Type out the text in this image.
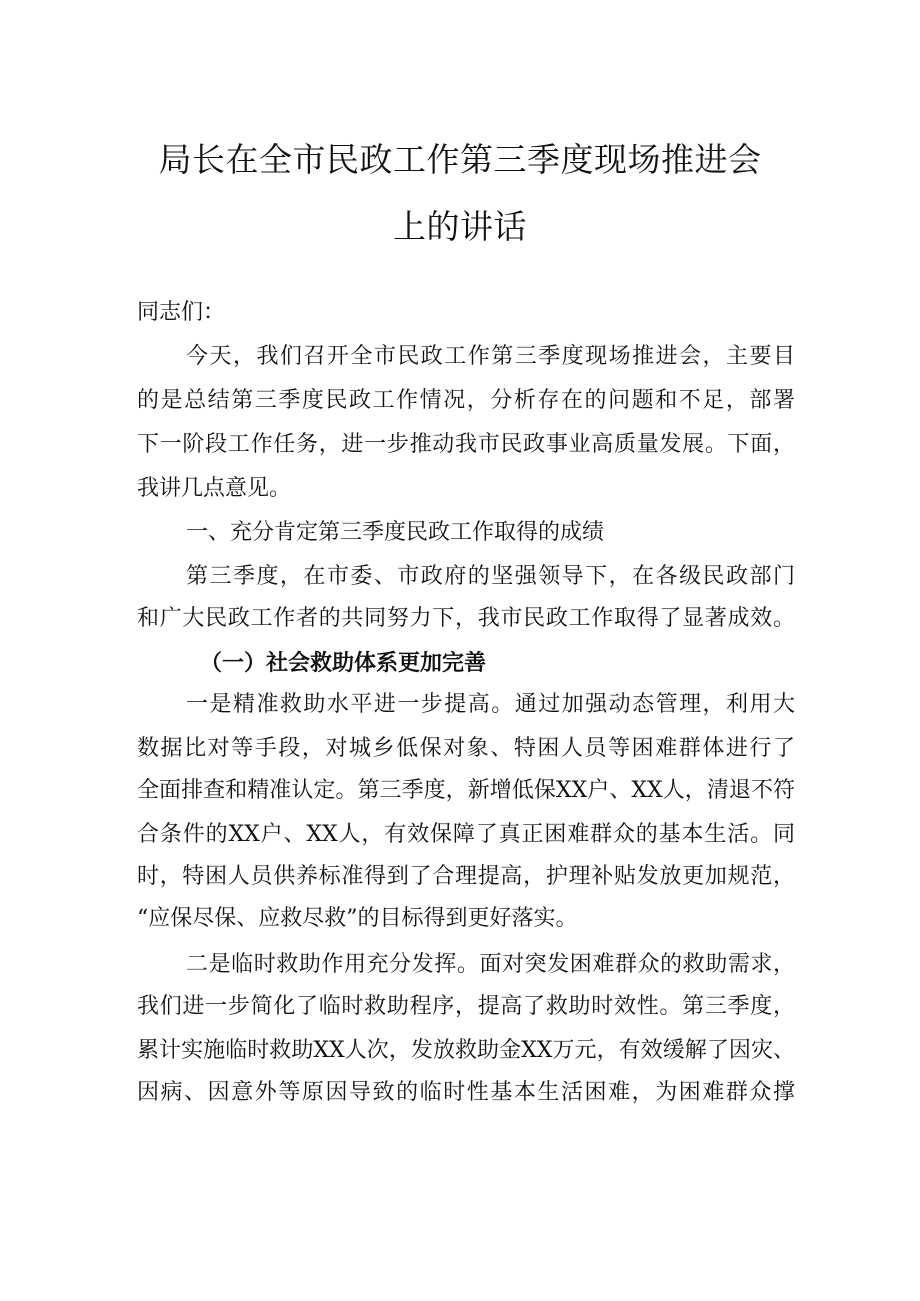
局长在全市民政工作第三季度现场推进会
上的讲话
同志们：
今天，我们召开全市民政工作第三季度现场推进会，主要目
的是总结第三季度民政工作情况，分析存在的问题和不足，部署
下一阶段工作任务，进一步推动我市民政事业高质量发展。下面，
我讲几点意见。
一、充分肯定第三季度民政工作取得的成绩
第三季度，在市委、市政府的坚强领导下，在各级民政部门
和广大民政工作者的共同努力下，我市民政工作取得了显著成效。
（一）社会救助体系更加完善
一是精准救助水平进一步提高。通过加强动态管理，利用大
数据比对等手段，对城乡低保对象、特困人员等困难群体进行了
全面排查和精准认定。第三季度，新增低保XX户、XX人，清退不符
合条件的XX户、XX人，有效保障了真正困难群众的基本生活。同
时，特困人员供养标准得到了合理提高，护理补贴发放更加规范，
“应保尽保、应救尽救”的目标得到更好落实。
二是临时救助作用充分发挥。面对突发困难群众的救助需求，
我们进一步简化了临时救助程序，提高了救助时效性。第三季度，
累计实施临时救助XX人次，发放救助金XX万元，有效缓解了因灾、
因病、因意外等原因导致的临时性基本生活困难，为困难群众撑
